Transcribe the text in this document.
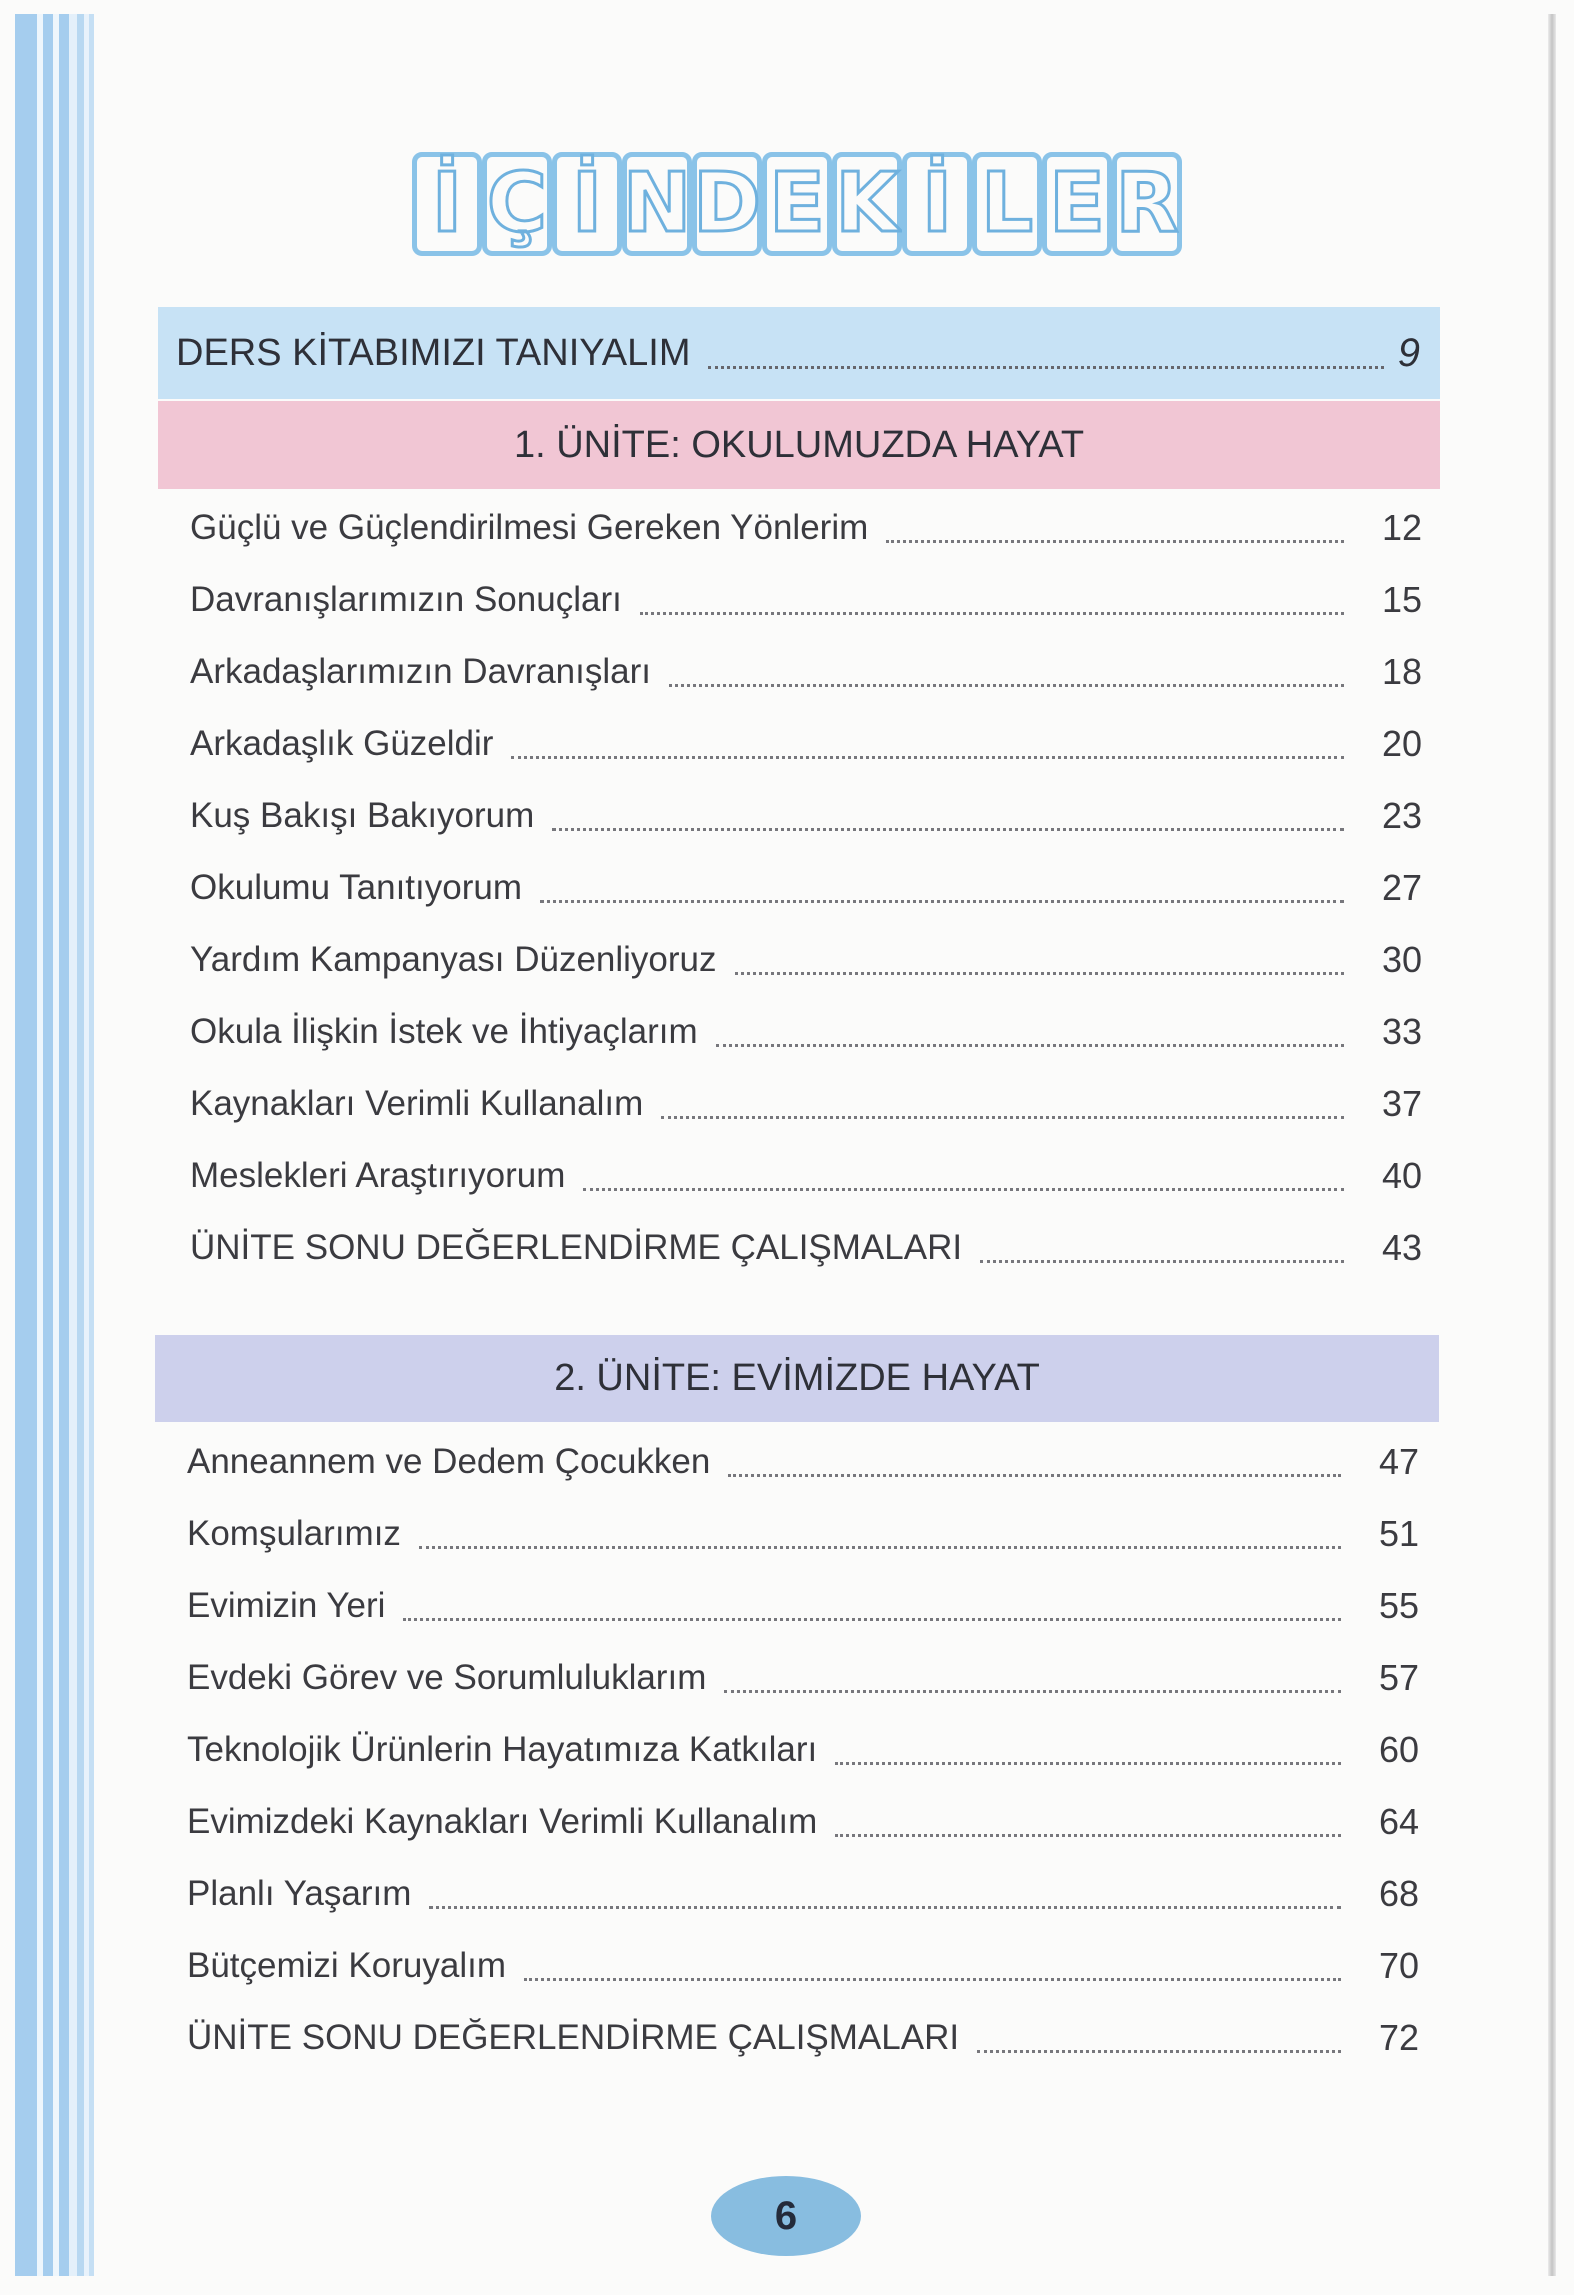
İ Ç İ N D E K İ L E R
DERS KİTABIMIZI TANIYALIM	9
1. ÜNİTE: OKULUMUZDA HAYAT
Güçlü ve Güçlendirilmesi Gereken Yönlerim	12
Davranışlarımızın Sonuçları	15
Arkadaşlarımızın Davranışları	18
Arkadaşlık Güzeldir	20
Kuş Bakışı Bakıyorum	23
Okulumu Tanıtıyorum	27
Yardım Kampanyası Düzenliyoruz	30
Okula İlişkin İstek ve İhtiyaçlarım	33
Kaynakları Verimli Kullanalım	37
Meslekleri Araştırıyorum	40
ÜNİTE SONU DEĞERLENDİRME ÇALIŞMALARI	43
2. ÜNİTE: EVİMİZDE HAYAT
Anneannem ve Dedem Çocukken	47
Komşularımız	51
Evimizin Yeri	55
Evdeki Görev ve Sorumluluklarım	57
Teknolojik Ürünlerin Hayatımıza Katkıları	60
Evimizdeki Kaynakları Verimli Kullanalım	64
Planlı Yaşarım	68
Bütçemizi Koruyalım	70
ÜNİTE SONU DEĞERLENDİRME ÇALIŞMALARI	72
6
